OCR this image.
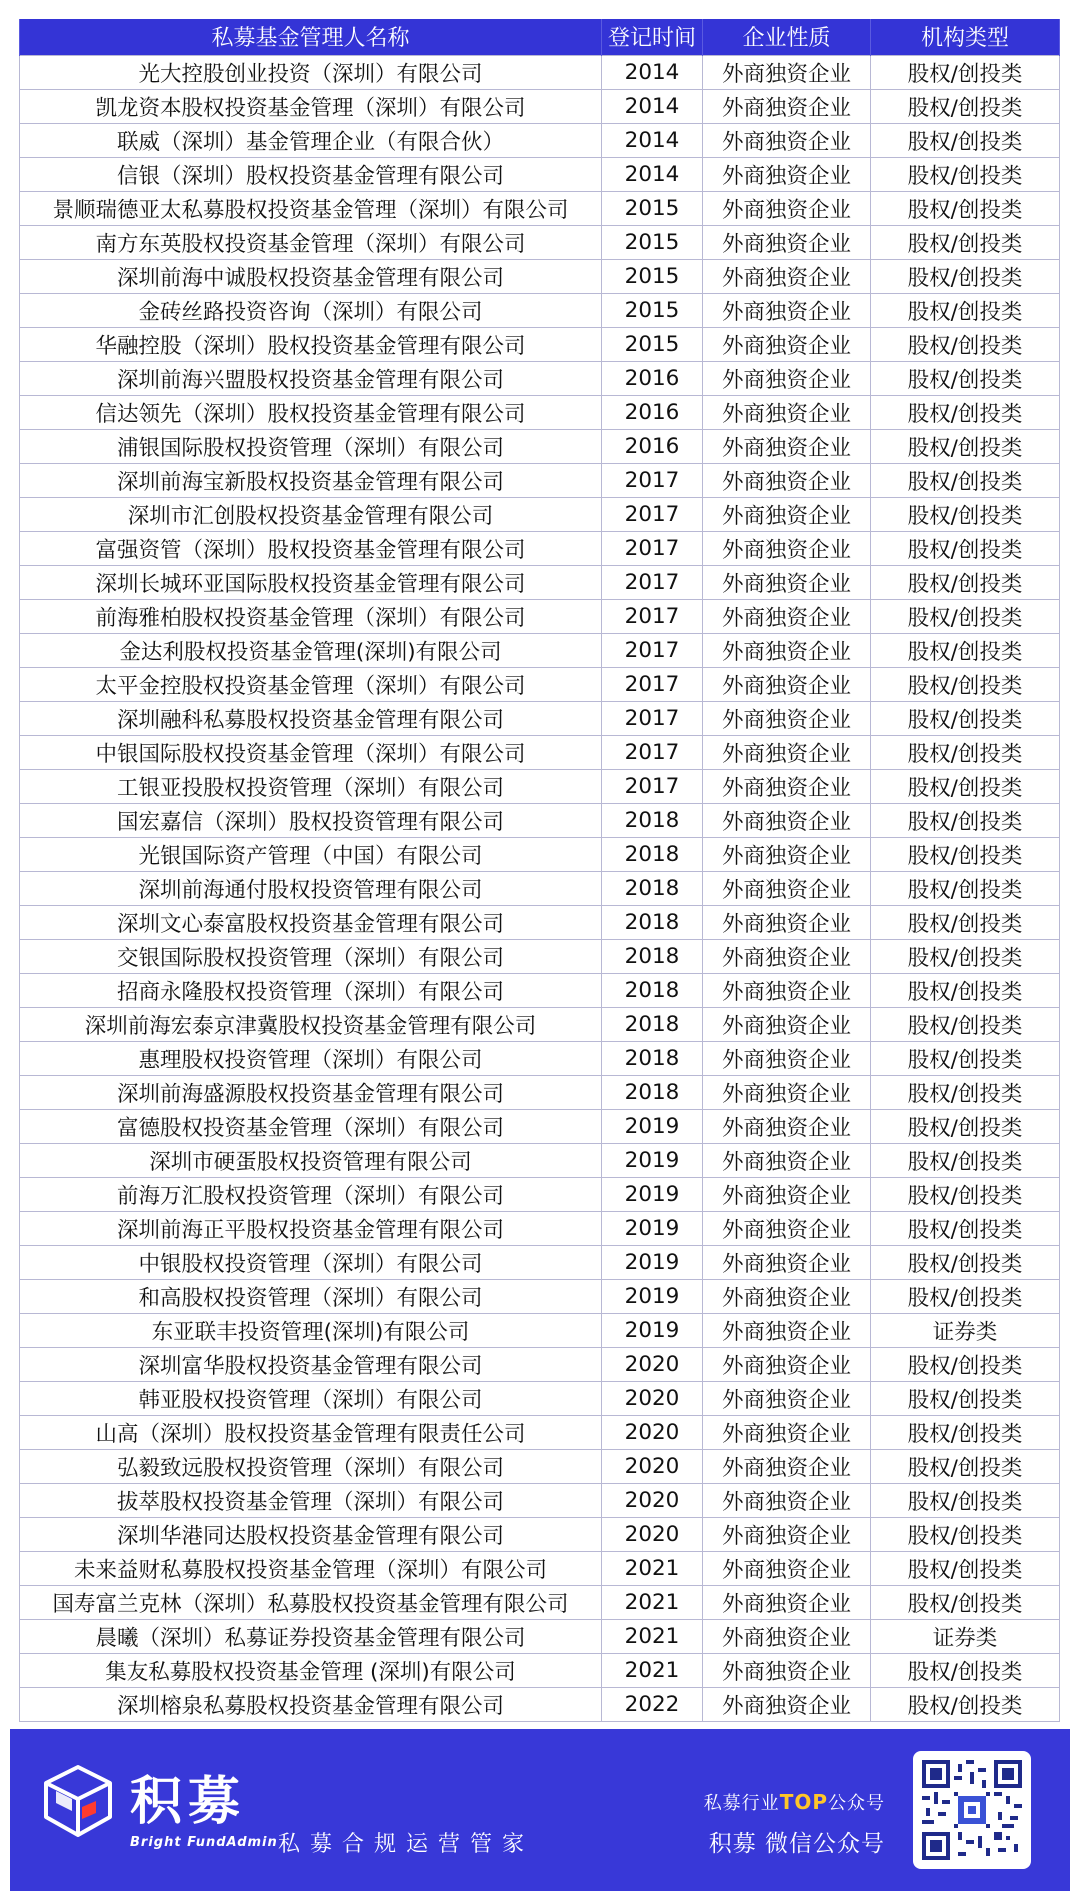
私募基金管理人名称	登记时间	企业性质	机构类型
光大控股创业投资（深圳）有限公司	2014	外商独资企业	股权/创投类
凯龙资本股权投资基金管理（深圳）有限公司	2014	外商独资企业	股权/创投类
联威（深圳）基金管理企业（有限合伙）	2014	外商独资企业	股权/创投类
信银（深圳）股权投资基金管理有限公司	2014	外商独资企业	股权/创投类
景顺瑞德亚太私募股权投资基金管理（深圳）有限公司	2015	外商独资企业	股权/创投类
南方东英股权投资基金管理（深圳）有限公司	2015	外商独资企业	股权/创投类
深圳前海中诚股权投资基金管理有限公司	2015	外商独资企业	股权/创投类
金砖丝路投资咨询（深圳）有限公司	2015	外商独资企业	股权/创投类
华融控股（深圳）股权投资基金管理有限公司	2015	外商独资企业	股权/创投类
深圳前海兴盟股权投资基金管理有限公司	2016	外商独资企业	股权/创投类
信达领先（深圳）股权投资基金管理有限公司	2016	外商独资企业	股权/创投类
浦银国际股权投资管理（深圳）有限公司	2016	外商独资企业	股权/创投类
深圳前海宝新股权投资基金管理有限公司	2017	外商独资企业	股权/创投类
深圳市汇创股权投资基金管理有限公司	2017	外商独资企业	股权/创投类
富强资管（深圳）股权投资基金管理有限公司	2017	外商独资企业	股权/创投类
深圳长城环亚国际股权投资基金管理有限公司	2017	外商独资企业	股权/创投类
前海雅柏股权投资基金管理（深圳）有限公司	2017	外商独资企业	股权/创投类
金达利股权投资基金管理(深圳)有限公司	2017	外商独资企业	股权/创投类
太平金控股权投资基金管理（深圳）有限公司	2017	外商独资企业	股权/创投类
深圳融科私募股权投资基金管理有限公司	2017	外商独资企业	股权/创投类
中银国际股权投资基金管理（深圳）有限公司	2017	外商独资企业	股权/创投类
工银亚投股权投资管理（深圳）有限公司	2017	外商独资企业	股权/创投类
国宏嘉信（深圳）股权投资管理有限公司	2018	外商独资企业	股权/创投类
光银国际资产管理（中国）有限公司	2018	外商独资企业	股权/创投类
深圳前海通付股权投资管理有限公司	2018	外商独资企业	股权/创投类
深圳文心泰富股权投资基金管理有限公司	2018	外商独资企业	股权/创投类
交银国际股权投资管理（深圳）有限公司	2018	外商独资企业	股权/创投类
招商永隆股权投资管理（深圳）有限公司	2018	外商独资企业	股权/创投类
深圳前海宏泰京津冀股权投资基金管理有限公司	2018	外商独资企业	股权/创投类
惠理股权投资管理（深圳）有限公司	2018	外商独资企业	股权/创投类
深圳前海盛源股权投资基金管理有限公司	2018	外商独资企业	股权/创投类
富德股权投资基金管理（深圳）有限公司	2019	外商独资企业	股权/创投类
深圳市硬蛋股权投资管理有限公司	2019	外商独资企业	股权/创投类
前海万汇股权投资管理（深圳）有限公司	2019	外商独资企业	股权/创投类
深圳前海正平股权投资基金管理有限公司	2019	外商独资企业	股权/创投类
中银股权投资管理（深圳）有限公司	2019	外商独资企业	股权/创投类
和高股权投资管理（深圳）有限公司	2019	外商独资企业	股权/创投类
东亚联丰投资管理(深圳)有限公司	2019	外商独资企业	证券类
深圳富华股权投资基金管理有限公司	2020	外商独资企业	股权/创投类
韩亚股权投资管理（深圳）有限公司	2020	外商独资企业	股权/创投类
山高（深圳）股权投资基金管理有限责任公司	2020	外商独资企业	股权/创投类
弘毅致远股权投资管理（深圳）有限公司	2020	外商独资企业	股权/创投类
拔萃股权投资基金管理（深圳）有限公司	2020	外商独资企业	股权/创投类
深圳华港同达股权投资基金管理有限公司	2020	外商独资企业	股权/创投类
未来益财私募股权投资基金管理（深圳）有限公司	2021	外商独资企业	股权/创投类
国寿富兰克林（深圳）私募股权投资基金管理有限公司	2021	外商独资企业	股权/创投类
晨曦（深圳）私募证券投资基金管理有限公司	2021	外商独资企业	证券类
集友私募股权投资基金管理 (深圳)有限公司	2021	外商独资企业	股权/创投类
深圳榕泉私募股权投资基金管理有限公司	2022	外商独资企业	股权/创投类
积募
Bright FundAdmin 私募合规运营管家
私募行业TOP公众号
积募 微信公众号
